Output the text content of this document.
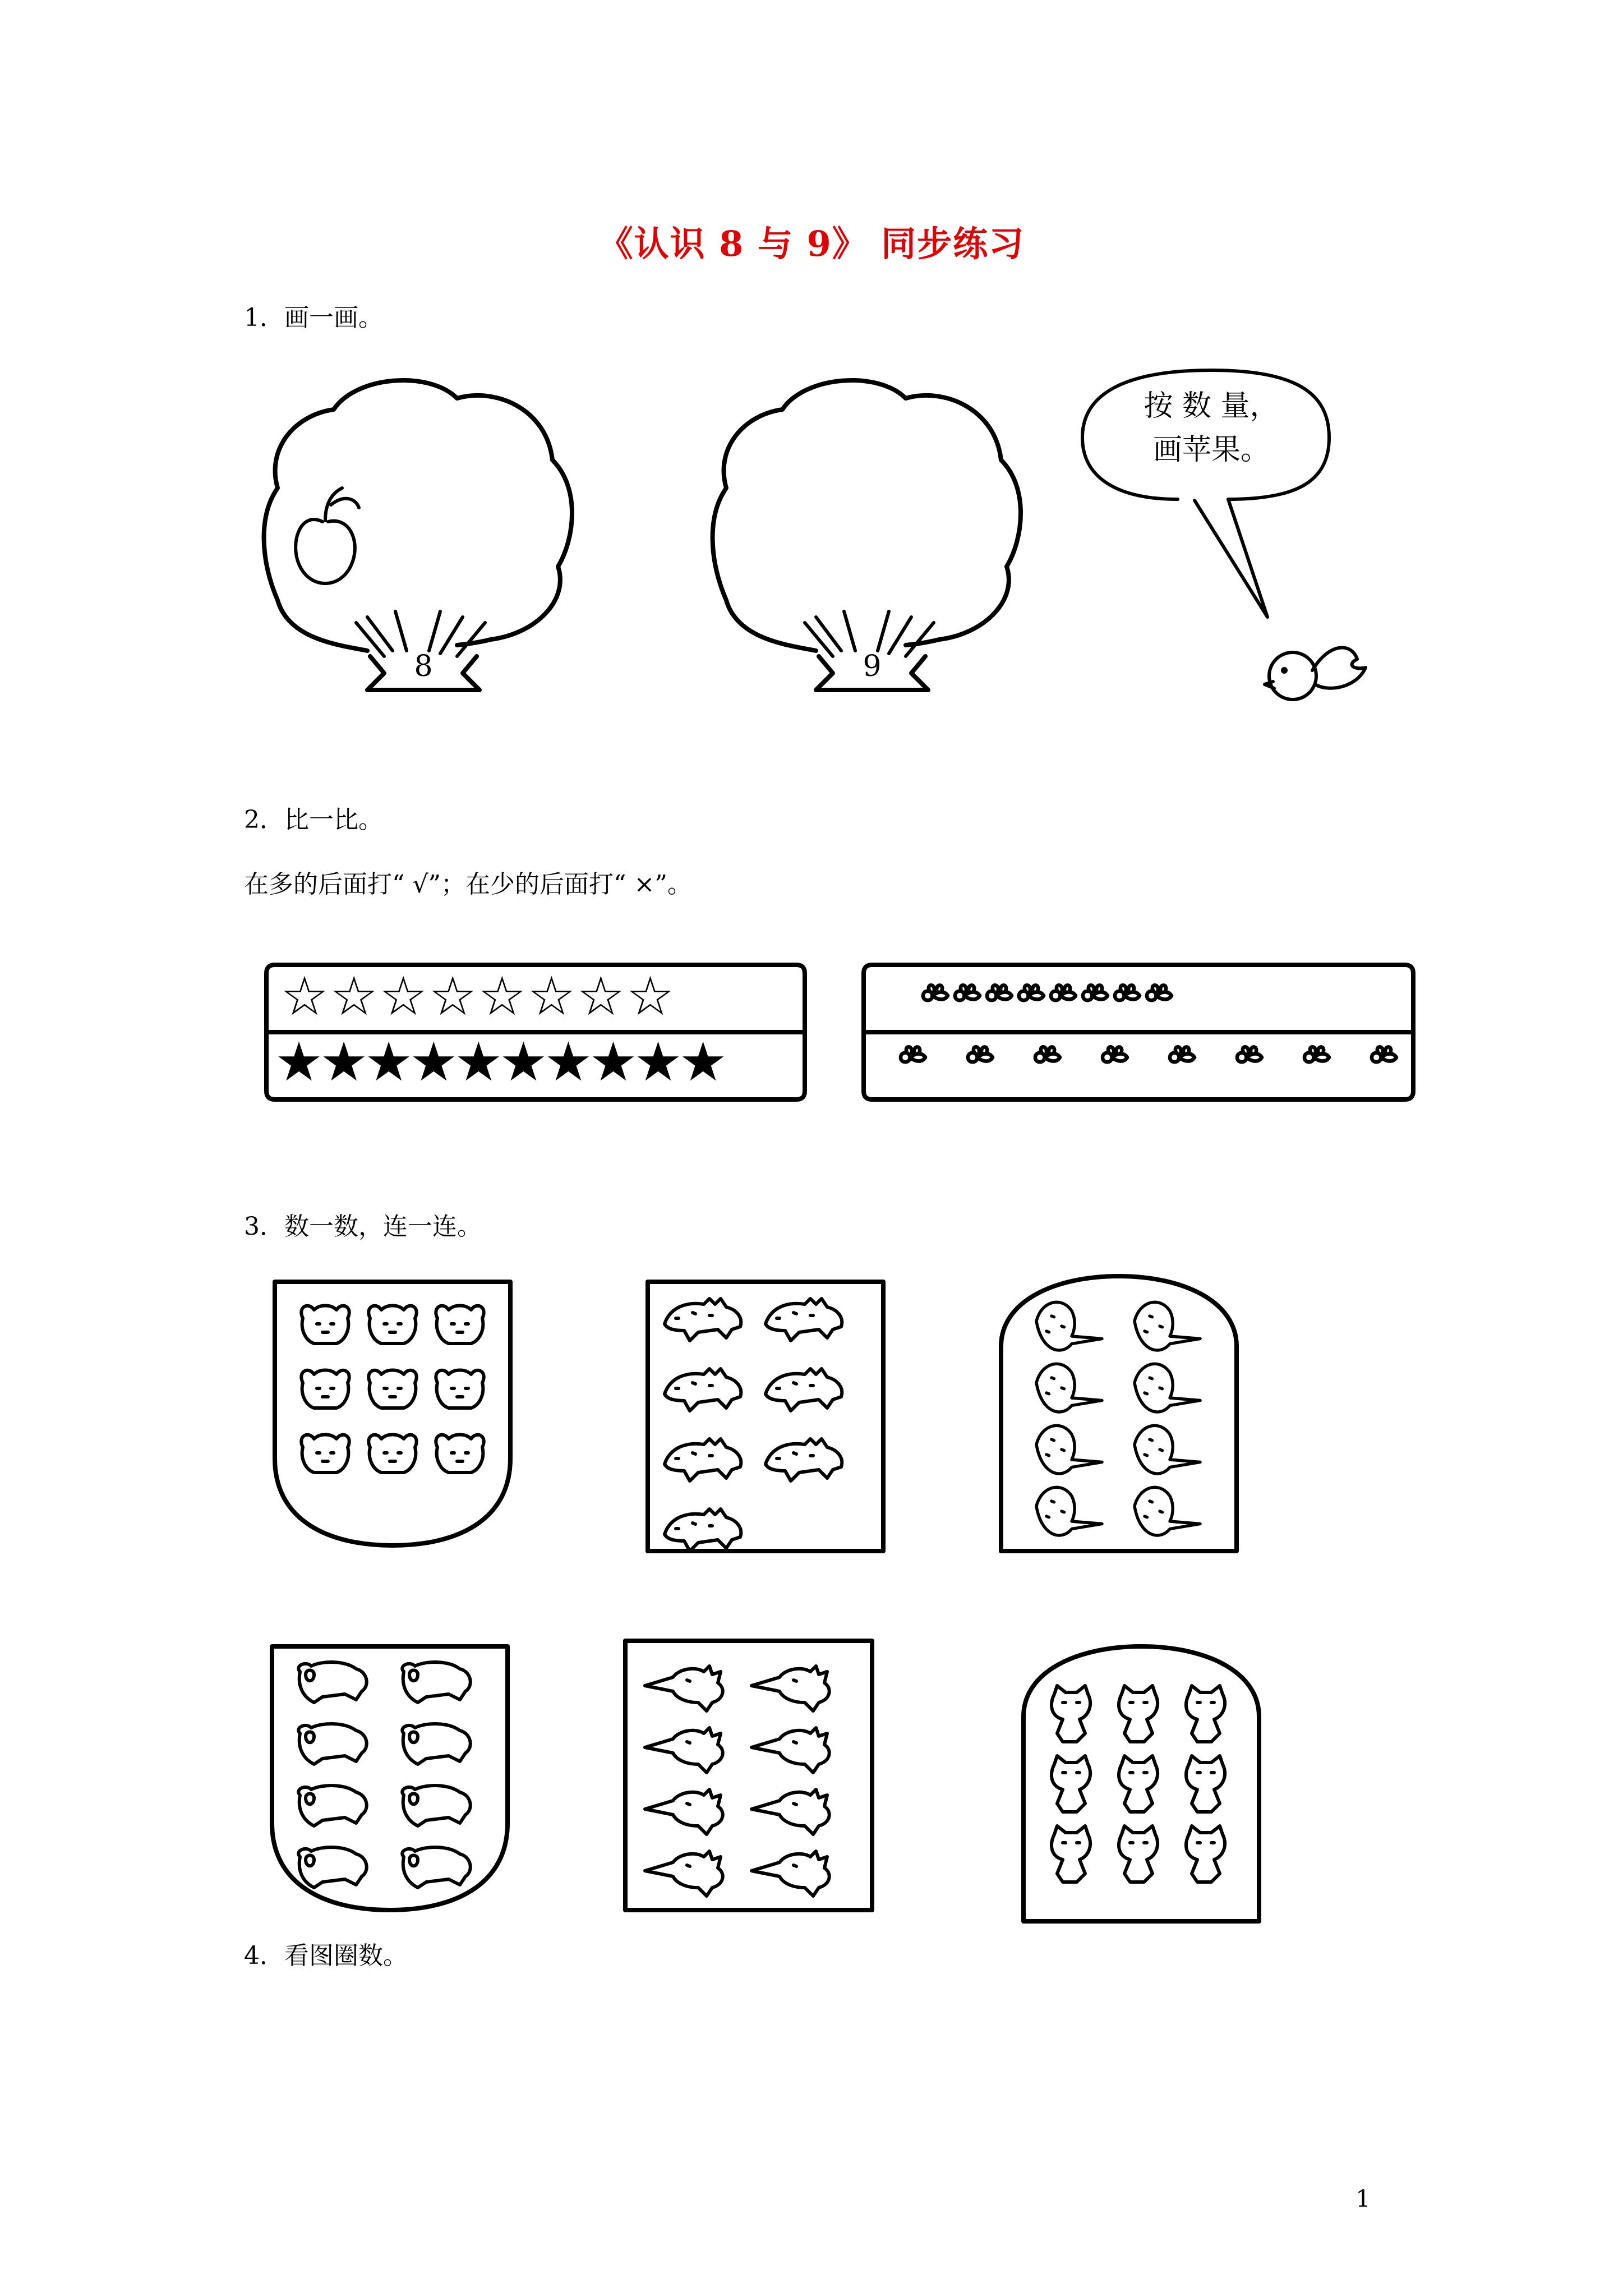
《认识 8 与 9》 同步练习
1．画一画。
8	9
按 数 量，
画苹果。
2．比一比。
在多的后面打“ √”；在少的后面打“ ×”。
☆☆☆☆☆☆☆☆
★★★★★★★★★★
3．数一数，连一连。
4．看图圈数。
1
